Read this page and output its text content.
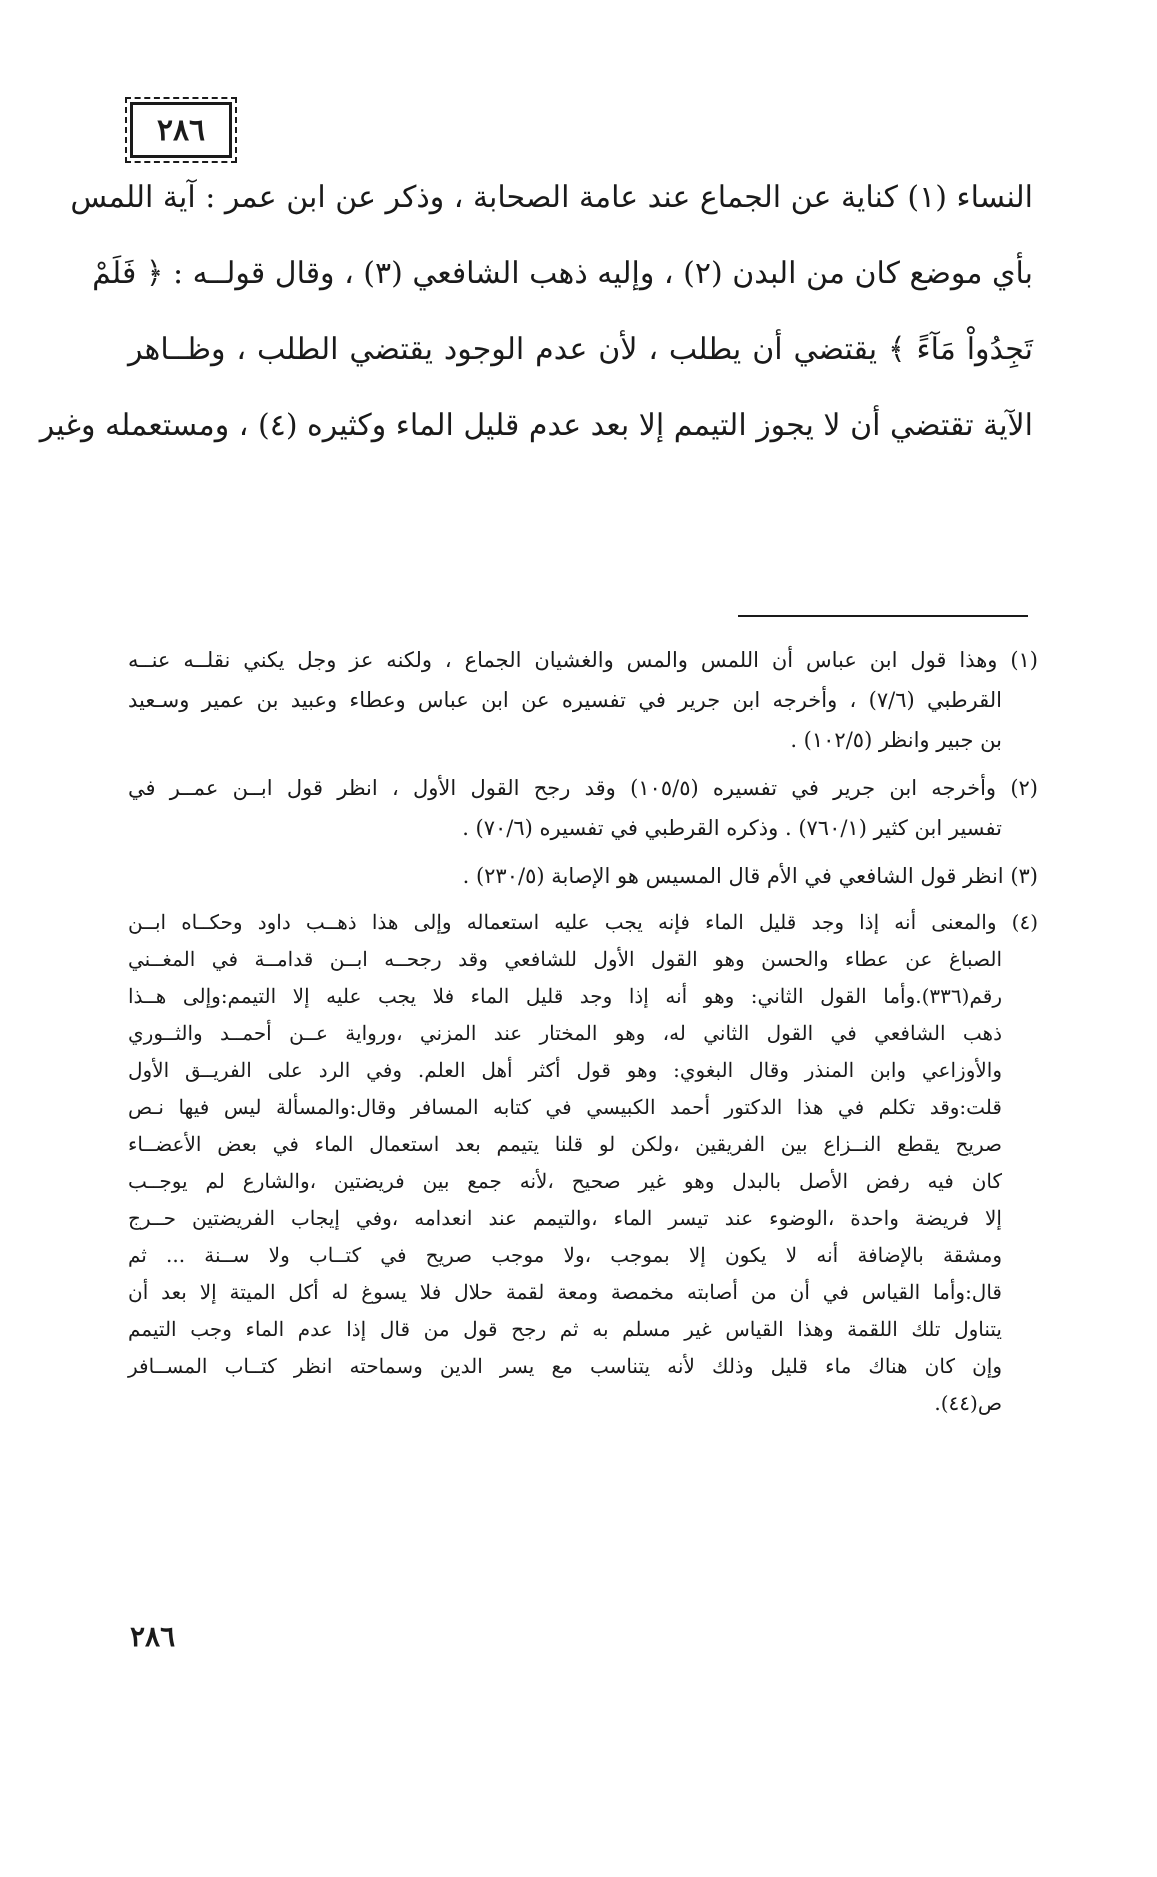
٢٨٦
النساء (١) كناية عن الجماع عند عامة الصحابة ، وذكر عن ابن عمر : آية اللمس
بأي موضع كان من البدن (٢) ، وإليه ذهب الشافعي (٣) ، وقال قولــه : ﴿ فَلَمْ
تَجِدُواْ مَآءً ﴾ يقتضي أن يطلب ، لأن عدم الوجود يقتضي الطلب ، وظــاهر
الآية تقتضي أن لا يجوز التيمم إلا بعد عدم قليل الماء وكثيره (٤) ، ومستعمله وغير
(١) وهذا قول ابن عباس أن اللمس والمس والغشيان الجماع ، ولكنه عز وجل يكني نقلــه عنــه
القرطبي (٧/٦) ، وأخرجه ابن جرير في تفسيره عن ابن عباس وعطاء وعبيد بن عمير وسـعيد
بن جبير وانظر (١٠٢/٥) .
(٢) وأخرجه ابن جرير في تفسيره (١٠٥/٥) وقد رجح القول الأول ، انظر قول ابــن عمــر في
تفسير ابن كثير (٧٦٠/١) . وذكره القرطبي في تفسيره (٧٠/٦) .
(٣) انظر قول الشافعي في الأم قال المسيس هو الإصابة (٢٣٠/٥) .
(٤) والمعنى أنه إذا وجد قليل الماء فإنه يجب عليه استعماله وإلى هذا ذهــب داود وحكــاه ابــن
الصباغ عن عطاء والحسن وهو القول الأول للشافعي وقد رجحــه ابــن قدامــة في المغــني
رقم(٣٣٦).وأما القول الثاني: وهو أنه إذا وجد قليل الماء فلا يجب عليه إلا التيمم:وإلى هــذا
ذهب الشافعي في القول الثاني له، وهو المختار عند المزني ،ورواية عــن أحمــد والثــوري
والأوزاعي وابن المنذر وقال البغوي: وهو قول أكثر أهل العلم. وفي الرد على الفريــق الأول
قلت:وقد تكلم في هذا الدكتور أحمد الكبيسي في كتابه المسافر وقال:والمسألة ليس فيها نـص
صريح يقطع النــزاع بين الفريقين ،ولكن لو قلنا يتيمم بعد استعمال الماء في بعض الأعضــاء
كان فيه رفض الأصل بالبدل وهو غير صحيح ،لأنه جمع بين فريضتين ،والشارع لم يوجــب
إلا فريضة واحدة ،الوضوء عند تيسر الماء ،والتيمم عند انعدامه ،وفي إيجاب الفريضتين حــرج
ومشقة بالإضافة أنه لا يكون إلا بموجب ،ولا موجب صريح في كتــاب ولا ســنة ... ثم
قال:وأما القياس في أن من أصابته مخمصة ومعة لقمة حلال فلا يسوغ له أكل الميتة إلا بعد أن
يتناول تلك اللقمة وهذا القياس غير مسلم به ثم رجح قول من قال إذا عدم الماء وجب التيمم
وإن كان هناك ماء قليل وذلك لأنه يتناسب مع يسر الدين وسماحته انظر كتــاب المســافر
ص(٤٤).
٢٨٦
